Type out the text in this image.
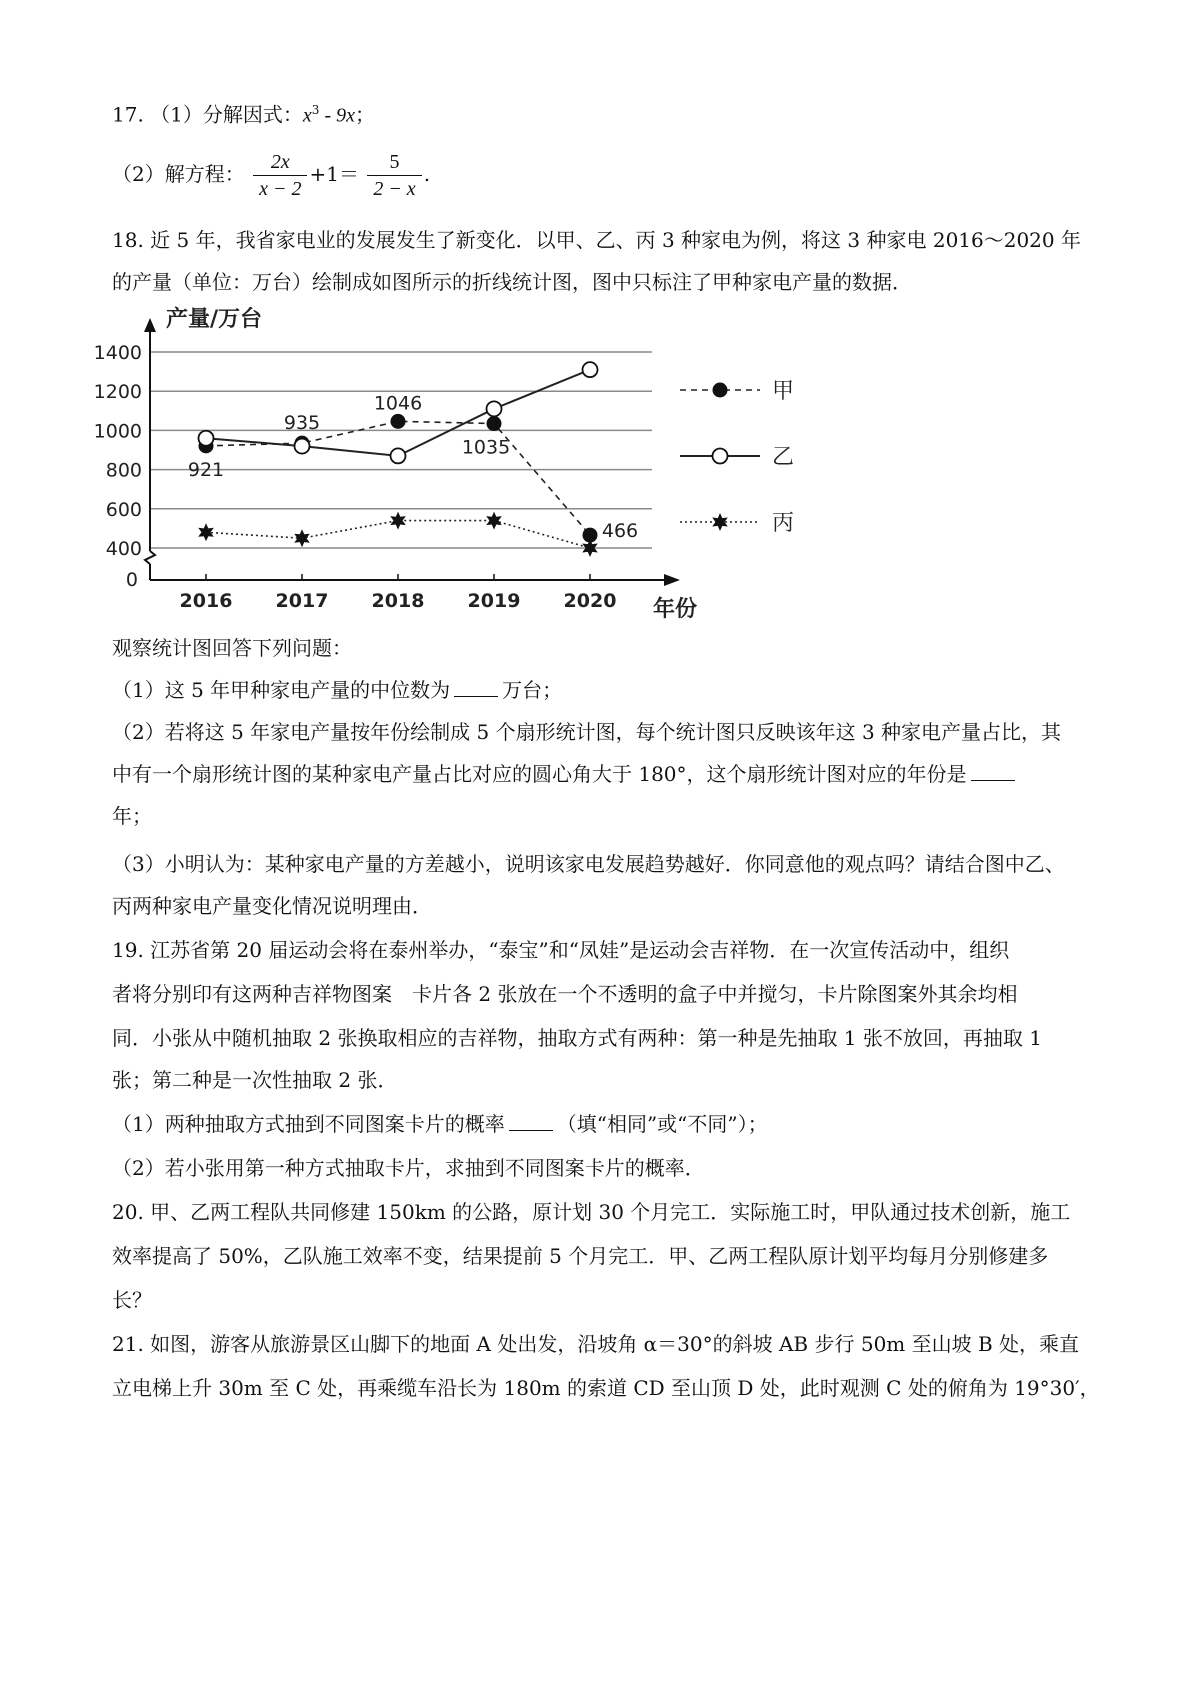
17. （1）分解因式：$x^3 - 9x$；
（2）解方程： $\frac{2x}{x - 2} +1= \frac{5}{2 - x}$ .
18. 近 5 年，我省家电业的发展发生了新变化．以甲、乙、丙 3 种家电为例，将这 3 种家电 2016～2020 年
的产量（单位：万台）绘制成如图所示的折线统计图，图中只标注了甲种家电产量的数据．
0
400
600
800
1000
1200
1400
产量/万台
2016 2017 2018 2019 2020 年份
921
935
1046
1035
466
甲
乙
丙
观察统计图回答下列问题：
（1）这 5 年甲种家电产量的中位数为	万台；
（2）若将这 5 年家电产量按年份绘制成 5 个扇形统计图，每个统计图只反映该年这 3 种家电产量占比，其
中有一个扇形统计图的某种家电产量占比对应的圆心角大于 180°，这个扇形统计图对应的年份是
年；
（3）小明认为：某种家电产量的方差越小，说明该家电发展趋势越好．你同意他的观点吗？请结合图中乙、
丙两种家电产量变化情况说明理由．
19. 江苏省第 20 届运动会将在泰州举办，“泰宝”和“凤娃”是运动会吉祥物．在一次宣传活动中，组织
者将分别印有这两种吉祥物图案　卡片各 2 张放在一个不透明的盒子中并搅匀，卡片除图案外其余均相
同．小张从中随机抽取 2 张换取相应的吉祥物，抽取方式有两种：第一种是先抽取 1 张不放回，再抽取 1
张；第二种是一次性抽取 2 张．
（1）两种抽取方式抽到不同图案卡片的概率	（填“相同”或“不同”）；
（2）若小张用第一种方式抽取卡片，求抽到不同图案卡片的概率．
20. 甲、乙两工程队共同修建 150km 的公路，原计划 30 个月完工．实际施工时，甲队通过技术创新，施工
效率提高了 50%，乙队施工效率不变，结果提前 5 个月完工．甲、乙两工程队原计划平均每月分别修建多
长？
21. 如图，游客从旅游景区山脚下的地面 A 处出发，沿坡角 α＝30°的斜坡 AB 步行 50m 至山坡 B 处，乘直
立电梯上升 30m 至 C 处，再乘缆车沿长为 180m 的索道 CD 至山顶 D 处，此时观测 C 处的俯角为 19°30′，
